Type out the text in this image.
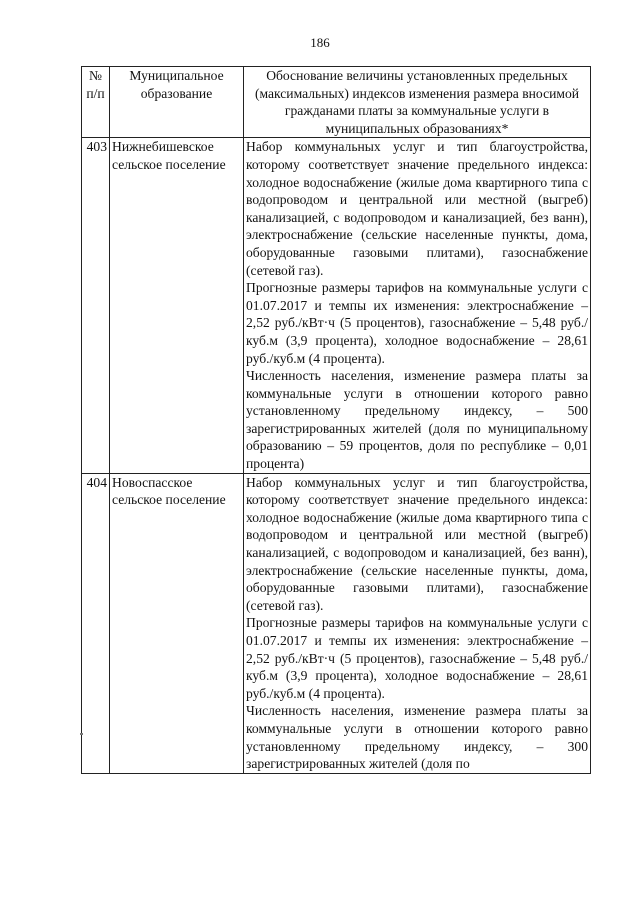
186
№ п/п	Муниципальное образование	Обоснование величины установленных предельных (максимальных) индексов изменения размера вносимой гражданами платы за коммунальные услуги в муниципальных образованиях*
403	Нижнебишевское сельское поселение	Набор коммунальных услуг и тип благоустройства, которому соответствует значение предельного индекса: холодное водоснабжение (жилые дома квартирного типа с водопроводом и центральной или местной (выгреб) канализацией, с водопроводом и канализацией, без ванн), электроснабжение (сельские населенные пункты, дома, оборудованные газовыми плитами), газоснабжение (сетевой газ).

Прогнозные размеры тарифов на коммунальные услуги с 01.07.2017 и темпы их изменения: электроснабжение – 2,52 руб./кВт·ч (5 процентов), газоснабжение – 5,48 руб./куб.м (3,9 процента), холодное водоснабжение – 28,61 руб./куб.м (4 процента).

Численность населения, изменение размера платы за коммунальные услуги в отношении которого равно установленному предельному индексу, – 500 зарегистрированных жителей (доля по муниципальному образованию – 59 процентов, доля по республике – 0,01 процента)

404	Новоспасское сельское поселение	Набор коммунальных услуг и тип благоустройства, которому соответствует значение предельного индекса: холодное водоснабжение (жилые дома квартирного типа с водопроводом и центральной или местной (выгреб) канализацией, с водопроводом и канализацией, без ванн), электроснабжение (сельские населенные пункты, дома, оборудованные газовыми плитами), газоснабжение (сетевой газ).

Прогнозные размеры тарифов на коммунальные услуги с 01.07.2017 и темпы их изменения: электроснабжение – 2,52 руб./кВт·ч (5 процентов), газоснабжение – 5,48 руб./куб.м (3,9 процента), холодное водоснабжение – 28,61 руб./куб.м (4 процента).

Численность населения, изменение размера платы за коммунальные услуги в отношении которого равно установленному предельному индексу, – 300 зарегистрированных жителей (доля по
